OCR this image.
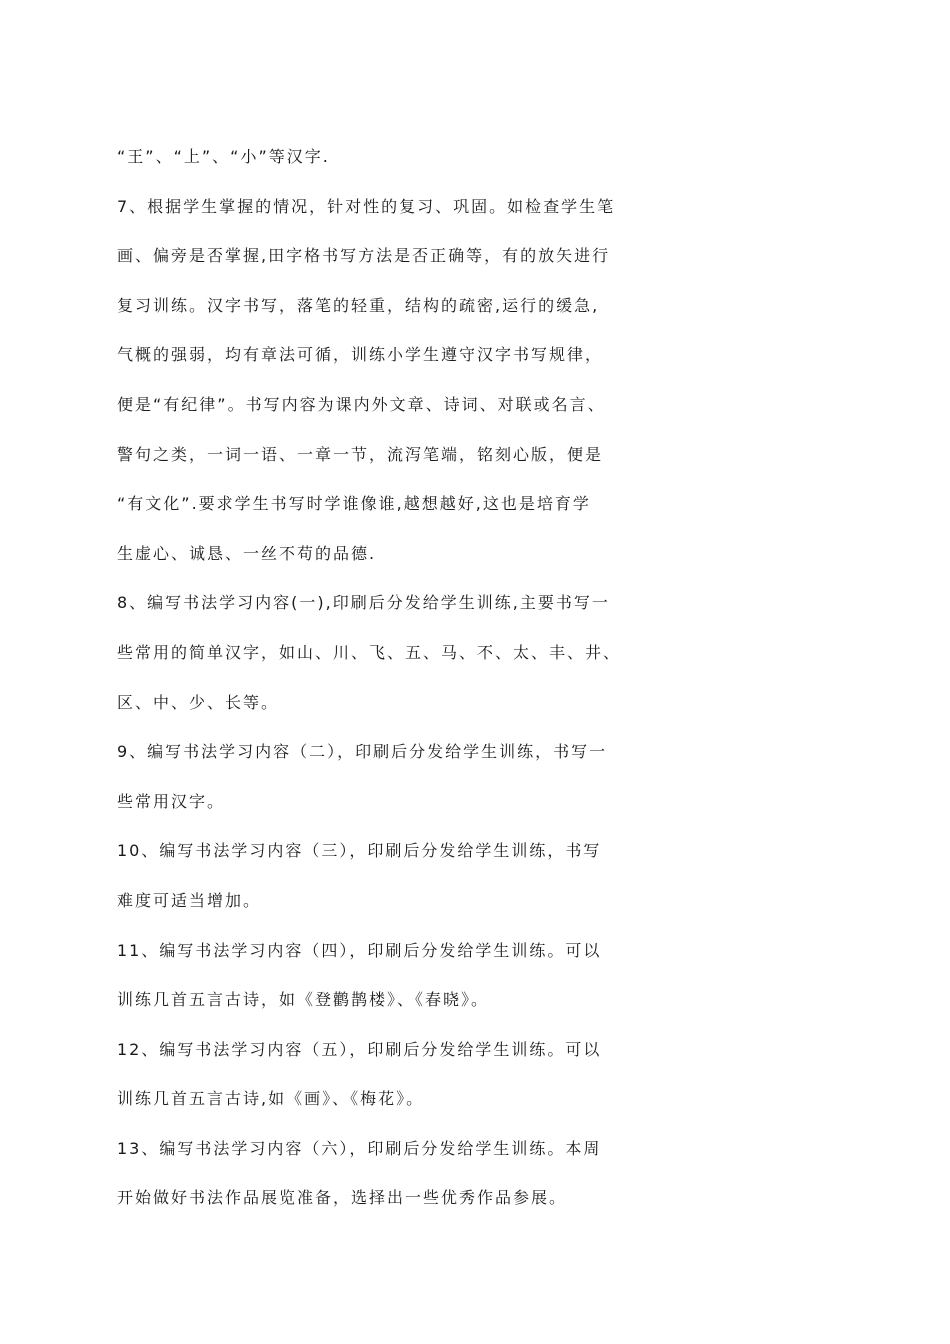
“王”、“上”、“小”等汉字.
7、根据学生掌握的情况，针对性的复习、巩固。如检查学生笔
画、偏旁是否掌握,田字格书写方法是否正确等，有的放矢进行
复习训练。汉字书写，落笔的轻重，结构的疏密,运行的缓急,
气概的强弱，均有章法可循，训练小学生遵守汉字书写规律，
便是“有纪律”。书写内容为课内外文章、诗词、对联或名言、
警句之类，一词一语、一章一节，流泻笔端，铭刻心版，便是
“有文化”.要求学生书写时学谁像谁,越想越好,这也是培育学
生虚心、诚恳、一丝不苟的品德.
8、编写书法学习内容(一),印刷后分发给学生训练,主要书写一
些常用的简单汉字，如山、川、飞、五、马、不、太、丰、井、
区、中、少、长等。
9、编写书法学习内容（二），印刷后分发给学生训练，书写一
些常用汉字。
10、编写书法学习内容（三），印刷后分发给学生训练，书写
难度可适当增加。
11、编写书法学习内容（四），印刷后分发给学生训练。可以
训练几首五言古诗，如《登鹳鹊楼》、《春晓》。
12、编写书法学习内容（五），印刷后分发给学生训练。可以
训练几首五言古诗,如《画》、《梅花》。
13、编写书法学习内容（六），印刷后分发给学生训练。本周
开始做好书法作品展览准备，选择出一些优秀作品参展。
